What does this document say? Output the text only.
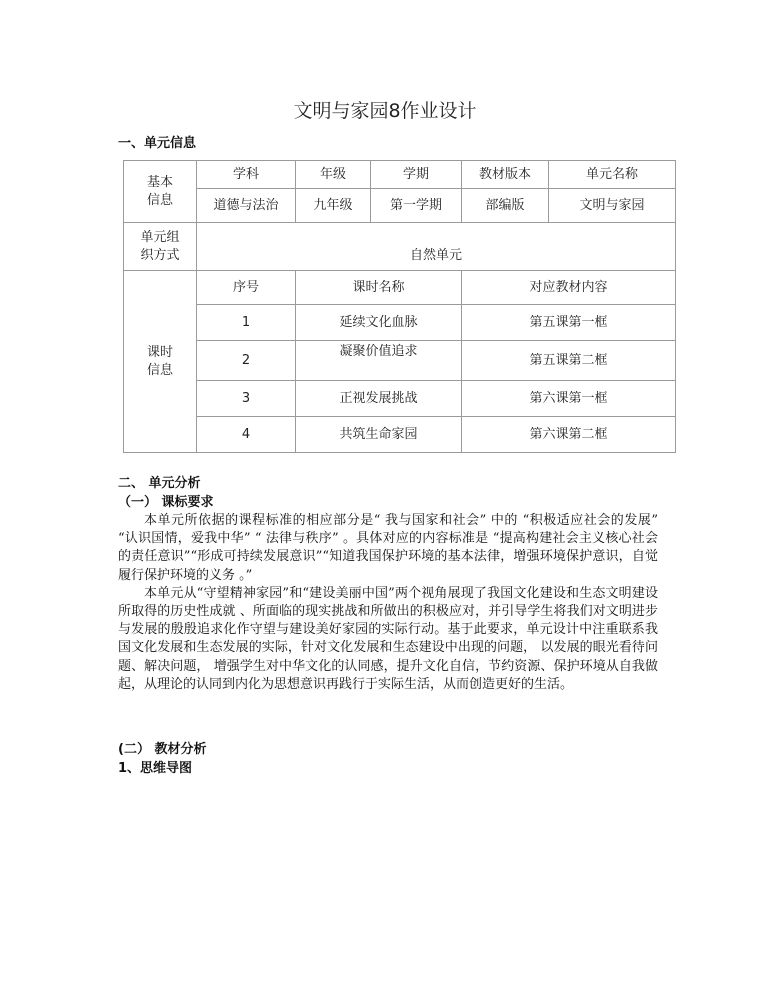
文明与家园8作业设计
一、单元信息
基本
信息	学科	年级	学期	教材版本	单元名称
	道德与法治	九年级	第一学期	部编版	文明与家园
单元组
织方式	自然单元				
课时
信息	序号	课时名称		对应教材内容	
	1	延续文化血脉		第五课第一框	
	2	凝聚价值追求		第五课第二框	
	3	正视发展挑战		第六课第一框	
	4	共筑生命家园		第六课第二框	
二、 单元分析
（一） 课标要求

本单元所依据的课程标准的相应部分是“ 我与国家和社会” 中的 “积极适应社会的发展” “认识国情，爱我中华” “ 法律与秩序” 。具体对应的内容标准是 “提高构建社会主义核心社会的责任意识”“形成可持续发展意识”“知道我国保护环境的基本法律，增强环境保护意识，自觉履行保护环境的义务 。”

本单元从“守望精神家园”和“建设美丽中国”两个视角展现了我国文化建设和生态文明建设所取得的历史性成就 、所面临的现实挑战和所做出的积极应对，并引导学生将我们对文明进步与发展的殷殷追求化作守望与建设美好家园的实际行动。基于此要求，单元设计中注重联系我国文化发展和生态发展的实际，针对文化发展和生态建设中出现的问题， 以发展的眼光看待问题、解决问题， 增强学生对中华文化的认同感，提升文化自信，节约资源、保护环境从自我做起，从理论的认同到内化为思想意识再践行于实际生活，从而创造更好的生活。

(二） 教材分析
1、思维导图
